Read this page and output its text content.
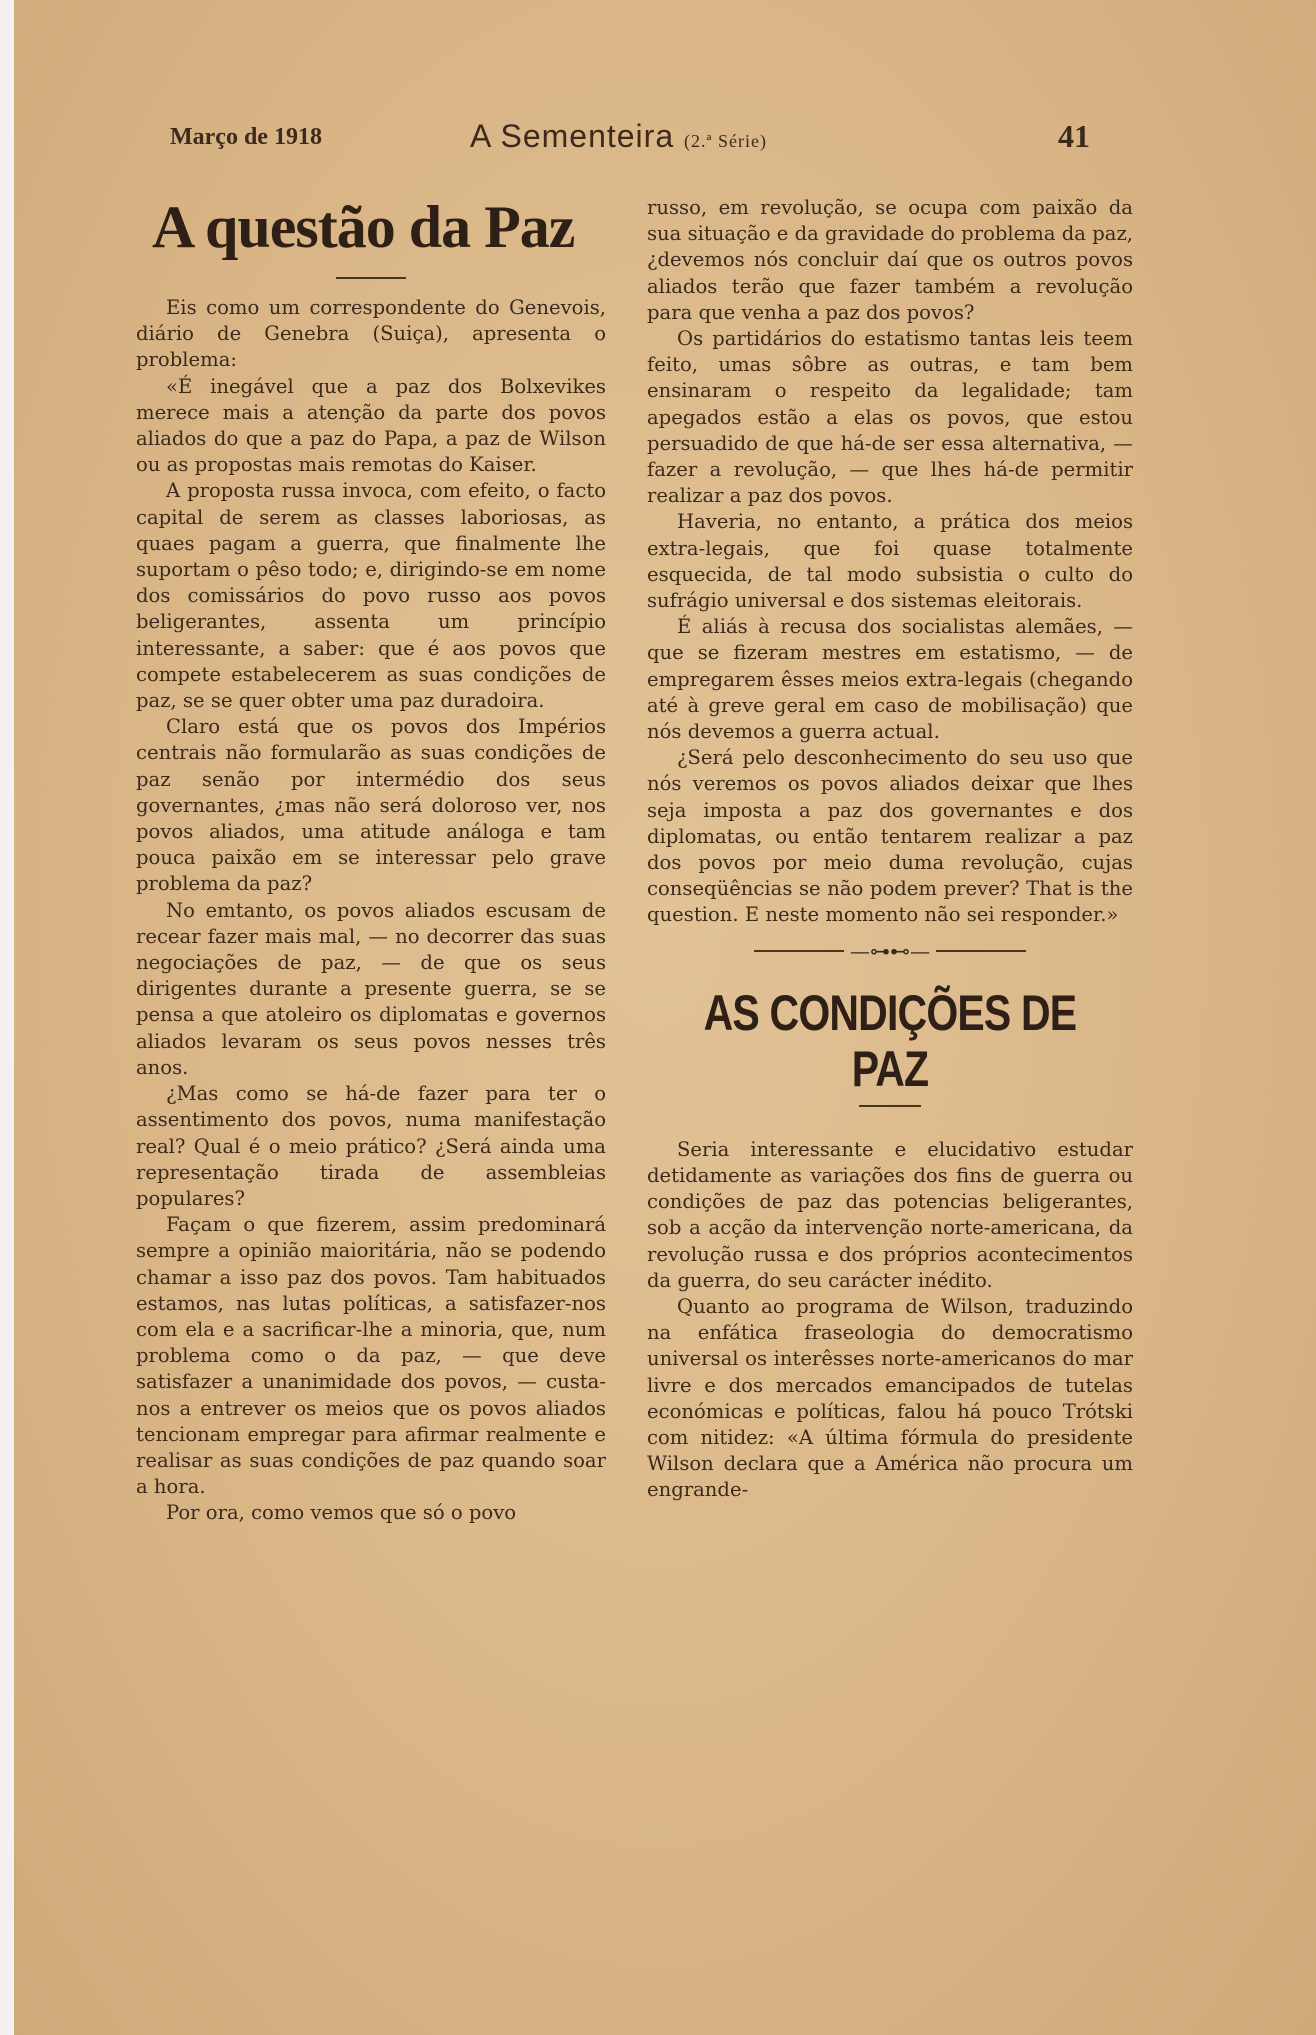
Março de 1918	A Sementeira (2.ª Série)	41
A questão da Paz

Eis como um correspondente do Genevois, diário de Genebra (Suiça), apresenta o problema:

«É inegável que a paz dos Bolxevikes merece mais a atenção da parte dos povos aliados do que a paz do Papa, a paz de Wilson ou as propostas mais remotas do Kaiser.

A proposta russa invoca, com efeito, o facto capital de serem as classes laboriosas, as quaes pagam a guerra, que finalmente lhe suportam o pêso todo; e, dirigindo-se em nome dos comissários do povo russo aos povos beligerantes, assenta um princípio interessante, a saber: que é aos povos que compete estabelecerem as suas condições de paz, se se quer obter uma paz duradoira.

Claro está que os povos dos Impérios centrais não formularão as suas condições de paz senão por intermédio dos seus governantes, ¿mas não será doloroso ver, nos povos aliados, uma atitude análoga e tam pouca paixão em se interessar pelo grave problema da paz?

No emtanto, os povos aliados escusam de recear fazer mais mal, — no decorrer das suas negociações de paz, — de que os seus dirigentes durante a presente guerra, se se pensa a que atoleiro os diplomatas e governos aliados levaram os seus povos nesses três anos.

¿Mas como se há-de fazer para ter o assentimento dos povos, numa manifestação real? Qual é o meio prático? ¿Será ainda uma representação tirada de assembleias populares?

Façam o que fizerem, assim predominará sempre a opinião maioritária, não se podendo chamar a isso paz dos povos. Tam habituados estamos, nas lutas políticas, a satisfazer-nos com ela e a sacrificar-lhe a minoria, que, num problema como o da paz, — que deve satisfazer a unanimidade dos povos, — custa-nos a entrever os meios que os povos aliados tencionam empregar para afirmar realmente e realisar as suas condições de paz quando soar a hora.

Por ora, como vemos que só o povo

russo, em revolução, se ocupa com paixão da sua situação e da gravidade do problema da paz, ¿devemos nós concluir daí que os outros povos aliados terão que fazer também a revolução para que venha a paz dos povos?

Os partidários do estatismo tantas leis teem feito, umas sôbre as outras, e tam bem ensinaram o respeito da legalidade; tam apegados estão a elas os povos, que estou persuadido de que há-de ser essa alternativa, — fazer a revolução, — que lhes há-de permitir realizar a paz dos povos.

Haveria, no entanto, a prática dos meios extra-legais, que foi quase totalmente esquecida, de tal modo subsistia o culto do sufrágio universal e dos sistemas eleitorais.

É aliás à recusa dos socialistas alemães, — que se fizeram mestres em estatismo, — de empregarem êsses meios extra-legais (chegando até à greve geral em caso de mobilisação) que nós devemos a guerra actual.

¿Será pelo desconhecimento do seu uso que nós veremos os povos aliados deixar que lhes seja imposta a paz dos governantes e dos diplomatas, ou então tentarem realizar a paz dos povos por meio duma revolução, cujas conseqüências se não podem prever? That is the question. E neste momento não sei responder.»

—⊶⊷—
AS CONDIÇÕES DE PAZ

Seria interessante e elucidativo estudar detidamente as variações dos fins de guerra ou condições de paz das potencias beligerantes, sob a acção da intervenção norte-americana, da revolução russa e dos próprios acontecimentos da guerra, do seu carácter inédito.

Quanto ao programa de Wilson, traduzindo na enfática fraseologia do democratismo universal os interêsses norte-americanos do mar livre e dos mercados emancipados de tutelas económicas e políticas, falou há pouco Trótski com nitidez: «A última fórmula do presidente Wilson declara que a América não procura um engrande-
